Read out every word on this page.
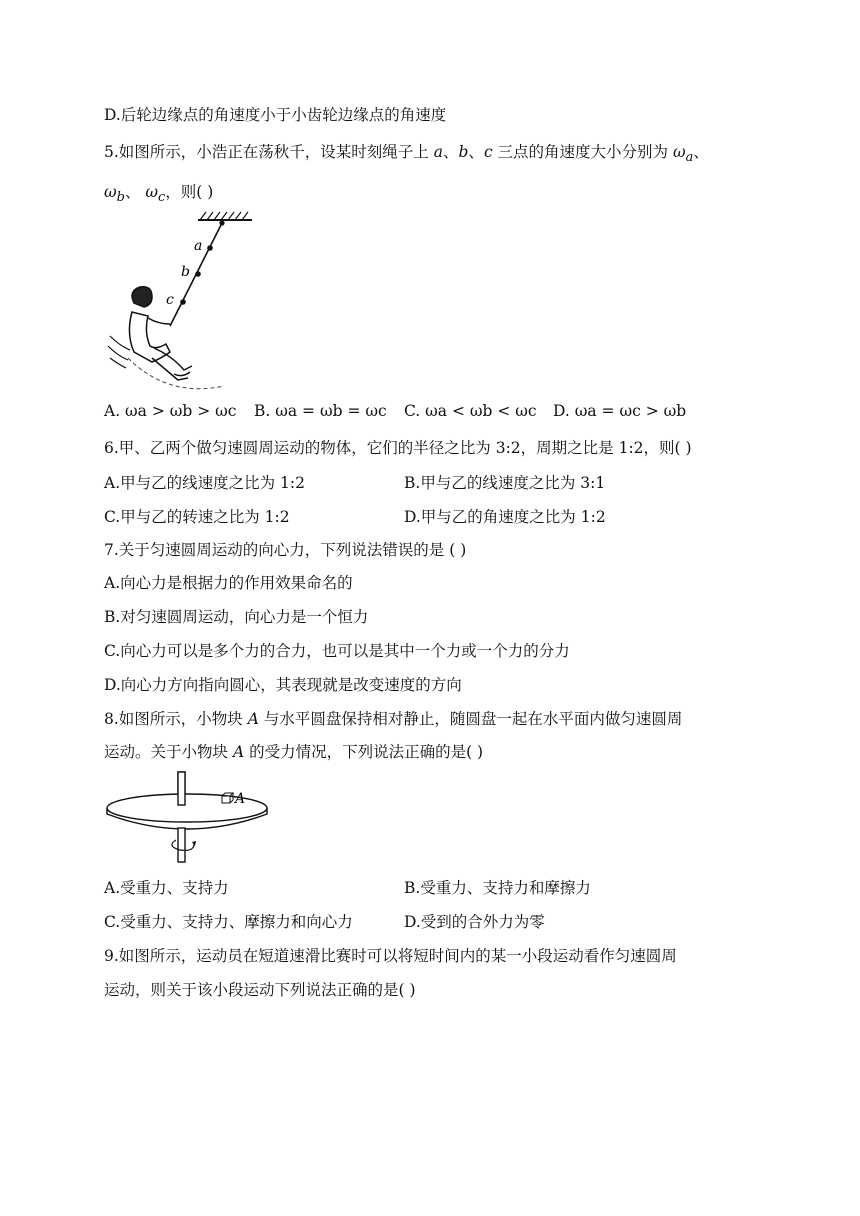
D.后轮边缘点的角速度小于小齿轮边缘点的角速度
5.如图所示，小浩正在荡秋千，设某时刻绳子上 a、b、c 三点的角速度大小分别为 $\omega_a$、
$\omega_b$、 $\omega_c$，则( )
a
b
c
A. ωa > ωb > ωc B. ωa = ωb = ωc C. ωa < ωb < ωc D. ωa = ωc > ωb
6.甲、乙两个做匀速圆周运动的物体，它们的半径之比为 3:2，周期之比是 1:2，则( )
A.甲与乙的线速度之比为 1:2	B.甲与乙的线速度之比为 3:1
C.甲与乙的转速之比为 1:2	D.甲与乙的角速度之比为 1:2
7.关于匀速圆周运动的向心力，下列说法错误的是 ( )
A.向心力是根据力的作用效果命名的
B.对匀速圆周运动，向心力是一个恒力
C.向心力可以是多个力的合力，也可以是其中一个力或一个力的分力
D.向心力方向指向圆心，其表现就是改变速度的方向
8.如图所示，小物块 A 与水平圆盘保持相对静止，随圆盘一起在水平面内做匀速圆周
运动。关于小物块 A 的受力情况，下列说法正确的是( )
A
A.受重力、支持力	B.受重力、支持力和摩擦力
C.受重力、支持力、摩擦力和向心力	D.受到的合外力为零
9.如图所示，运动员在短道速滑比赛时可以将短时间内的某一小段运动看作匀速圆周
运动，则关于该小段运动下列说法正确的是( )
